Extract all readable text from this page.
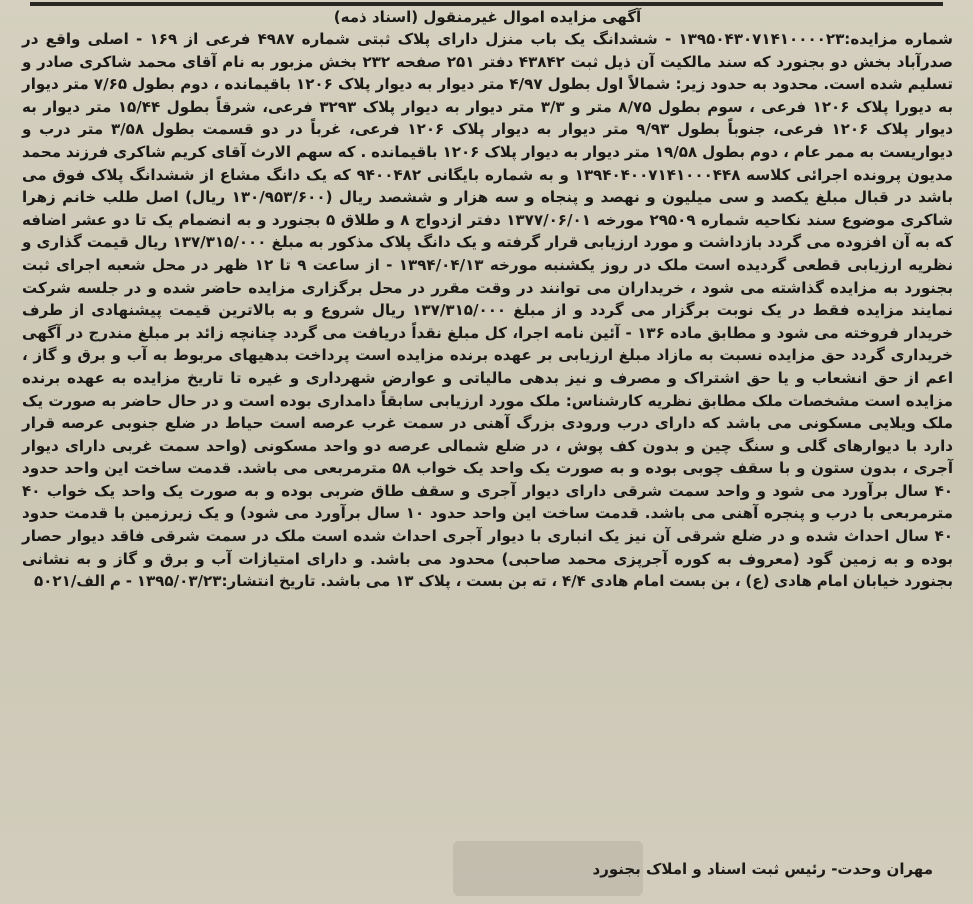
آگهی مزایده اموال غیرمنقول (اسناد ذمه)

شماره مزایده:۱۳۹۵۰۴۳۰۷۱۴۱۰۰۰۰۲۳ - ششدانگ یک باب منزل دارای پلاک ثبتی شماره ۴۹۸۷ فرعی از ۱۶۹ - اصلی واقع در صدرآباد بخش دو بجنورد که سند مالکیت آن ذیل ثبت ۴۳۸۴۲ دفتر ۲۵۱ صفحه ۲۳۲ بخش مزبور به نام آقای محمد شاکری صادر و تسلیم شده است. محدود به حدود زیر: شمالاً اول بطول ۴/۹۷ متر دیوار به دیوار پلاک ۱۲۰۶ باقیمانده ، دوم بطول ۷/۶۵ متر دیوار به دیورا پلاک ۱۲۰۶ فرعی ، سوم بطول ۸/۷۵ متر و ۳/۳ متر دیوار به دیوار پلاک ۳۲۹۳ فرعی، شرقاً بطول ۱۵/۴۴ متر دیوار به دیوار پلاک ۱۲۰۶ فرعی، جنوباً بطول ۹/۹۳ متر دیوار به دیوار پلاک ۱۲۰۶ فرعی، غرباً در دو قسمت بطول ۳/۵۸ متر درب و دیواریست به ممر عام ، دوم بطول ۱۹/۵۸ متر دیوار به دیوار پلاک ۱۲۰۶ باقیمانده . که سهم الارث آقای کریم شاکری فرزند محمد مدیون پرونده اجرائی کلاسه ۱۳۹۴۰۴۰۰۷۱۴۱۰۰۰۴۴۸ و به شماره بایگانی ۹۴۰۰۴۸۲ که یک دانگ مشاع از ششدانگ پلاک فوق می باشد در قبال مبلغ یکصد و سی میلیون و نهصد و پنجاه و سه هزار و ششصد ریال (۱۳۰/۹۵۳/۶۰۰ ریال) اصل طلب خانم زهرا شاکری موضوع سند نکاحیه شماره ۲۹۵۰۹ مورخه ۱۳۷۷/۰۶/۰۱ دفتر ازدواج ۸ و طلاق ۵ بجنورد و به انضمام یک تا دو عشر اضافه که به آن افزوده می گردد بازداشت و مورد ارزیابی قرار گرفته و یک دانگ پلاک مذکور به مبلغ ۱۳۷/۳۱۵/۰۰۰ ریال قیمت گذاری و نظریه ارزیابی قطعی گردیده است ملک در روز یکشنبه مورخه ۱۳۹۴/۰۴/۱۳ - از ساعت ۹ تا ۱۲ ظهر در محل شعبه اجرای ثبت بجنورد به مزایده گذاشته می شود ، خریداران می توانند در وقت مقرر در محل برگزاری مزایده حاضر شده و در جلسه شرکت نمایند مزایده فقط در یک نوبت برگزار می گردد و از مبلغ ۱۳۷/۳۱۵/۰۰۰ ریال شروع و به بالاترین قیمت پیشنهادی از طرف خریدار فروخته می شود و مطابق ماده ۱۳۶ - آئین نامه اجرا، کل مبلغ نقداً دریافت می گردد چنانچه زائد بر مبلغ مندرج در آگهی خریداری گردد حق مزایده نسبت به مازاد مبلغ ارزیابی بر عهده برنده مزایده است پرداخت بدهیهای مربوط به آب و برق و گاز ، اعم از حق انشعاب و یا حق اشتراک و مصرف و نیز بدهی مالیاتی و عوارض شهرداری و غیره تا تاریخ مزایده به عهده برنده مزایده است مشخصات ملک مطابق نظریه کارشناس: ملک مورد ارزیابی سابقاً دامداری بوده است و در حال حاضر به صورت یک ملک ویلایی مسکونی می باشد که دارای درب ورودی بزرگ آهنی در سمت غرب عرصه است حیاط در ضلع جنوبی عرصه قرار دارد با دیوارهای گلی و سنگ چین و بدون کف پوش ، در ضلع شمالی عرصه دو واحد مسکونی (واحد سمت غربی دارای دیوار آجری ، بدون ستون و با سقف چوبی بوده و به صورت یک واحد یک خواب ۵۸ مترمربعی می باشد. قدمت ساخت این واحد حدود ۴۰ سال برآورد می شود و واحد سمت شرقی دارای دیوار آجری و سقف طاق ضربی بوده و به صورت یک واحد یک خواب ۴۰ مترمربعی با درب و پنجره آهنی می باشد. قدمت ساخت این واحد حدود ۱۰ سال برآورد می شود) و یک زیرزمین با قدمت حدود ۴۰ سال احداث شده و در ضلع شرقی آن نیز یک انباری با دیوار آجری احداث شده است ملک در سمت شرقی فاقد دیوار حصار بوده و به زمین گود (معروف به کوره آجرپزی محمد صاحبی) محدود می باشد. و دارای امتیازات آب و برق و گاز و به نشانی بجنورد خیابان امام هادی (ع) ، بن بست امام هادی ۴/۴ ، ته بن بست ، پلاک ۱۳ می باشد. تاریخ انتشار:۱۳۹۵/۰۳/۲۳ - م الف/۵۰۲۱

مهران وحدت- رئیس ثبت اسناد و املاک بجنورد
